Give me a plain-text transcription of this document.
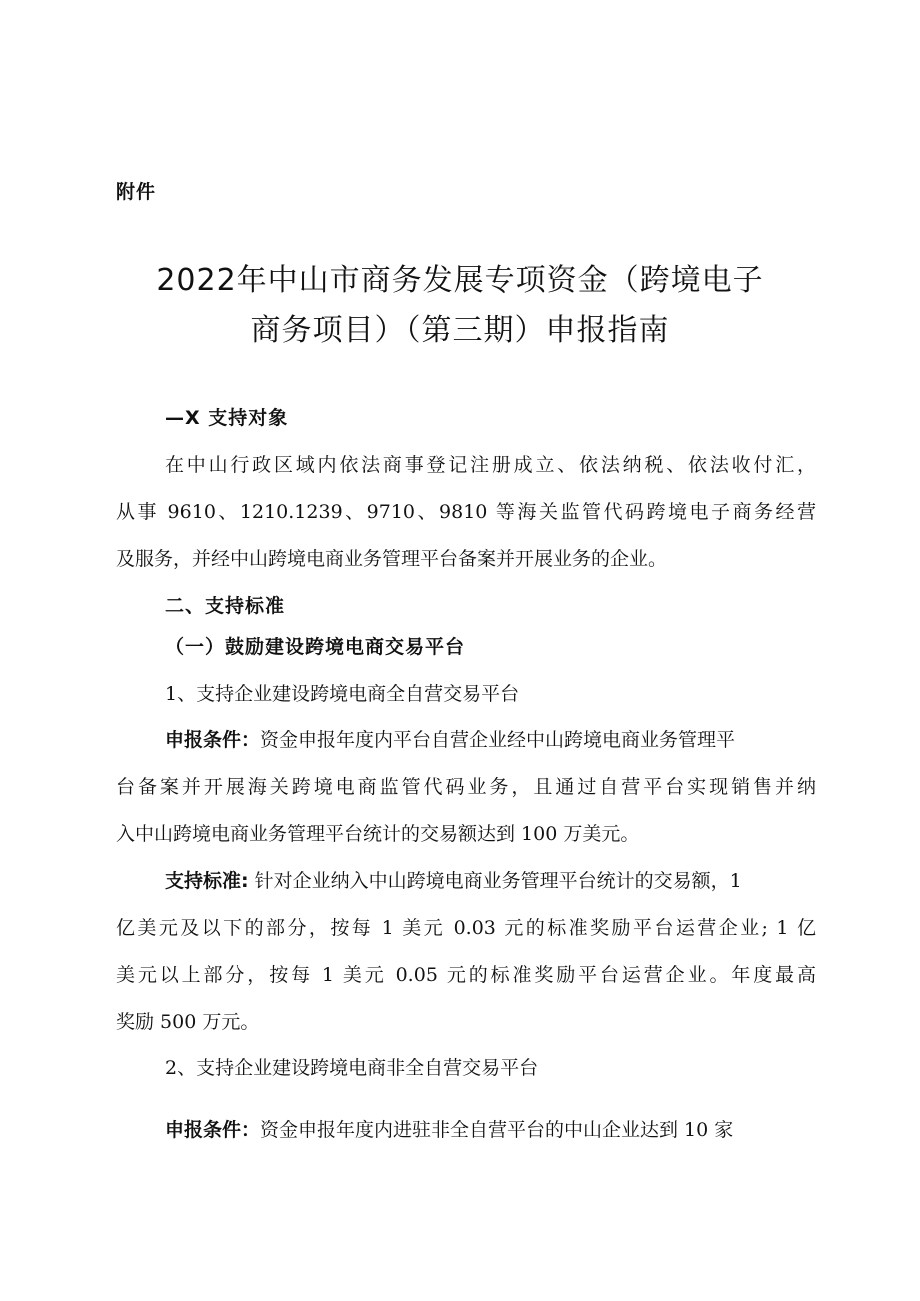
附件
2022年中山市商务发展专项资金（跨境电子
商务项目）（第三期）申报指南
—X 支持对象
在中山行政区域内依法商事登记注册成立、依法纳税、依法收付汇，
从事 9610、1210.1239、9710、9810 等海关监管代码跨境电子商务经营
及服务，并经中山跨境电商业务管理平台备案并开展业务的企业。
二、支持标准
（一）鼓励建设跨境电商交易平台
1、支持企业建设跨境电商全自营交易平台
申报条件：资金申报年度内平台自营企业经中山跨境电商业务管理平
台备案并开展海关跨境电商监管代码业务，且通过自营平台实现销售并纳
入中山跨境电商业务管理平台统计的交易额达到 100 万美元。
支持标准: 针对企业纳入中山跨境电商业务管理平台统计的交易额，1
亿美元及以下的部分，按每 1 美元 0.03 元的标准奖励平台运营企业; 1 亿
美元以上部分，按每 1 美元 0.05 元的标准奖励平台运营企业。年度最高
奖励 500 万元。
2、支持企业建设跨境电商非全自营交易平台
申报条件：资金申报年度内进驻非全自营平台的中山企业达到 10 家
